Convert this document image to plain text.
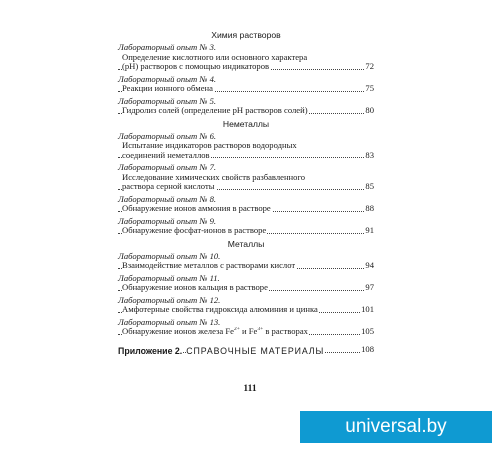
Химия растворов
Лабораторный опыт № 3.
Определение кислотного или основного характера
(рН) растворов с помощью индикаторов	72
Лабораторный опыт № 4.
Реакции ионного обмена	75
Лабораторный опыт № 5.
Гидролиз солей (определение рН растворов солей)	80
Неметаллы
Лабораторный опыт № 6.
Испытание индикаторов растворов водородных
соединений неметаллов	83
Лабораторный опыт № 7.
Исследование химических свойств разбавленного
раствора серной кислоты	85
Лабораторный опыт № 8.
Обнаружение ионов аммония в растворе	88
Лабораторный опыт № 9.
Обнаружение фосфат-ионов в растворе	91
Металлы
Лабораторный опыт № 10.
Взаимодействие металлов с растворами кислот	94
Лабораторный опыт № 11.
Обнаружение ионов кальция в растворе	97
Лабораторный опыт № 12.
Амфотерные свойства гидроксида алюминия и цинка	101
Лабораторный опыт № 13.
Обнаружение ионов железа $Fe^{2+}$ и $Fe^{3+}$ в растворах	105
Приложение 2. СПРАВОЧНЫЕ МАТЕРИАЛЫ	108
111
universal.by
